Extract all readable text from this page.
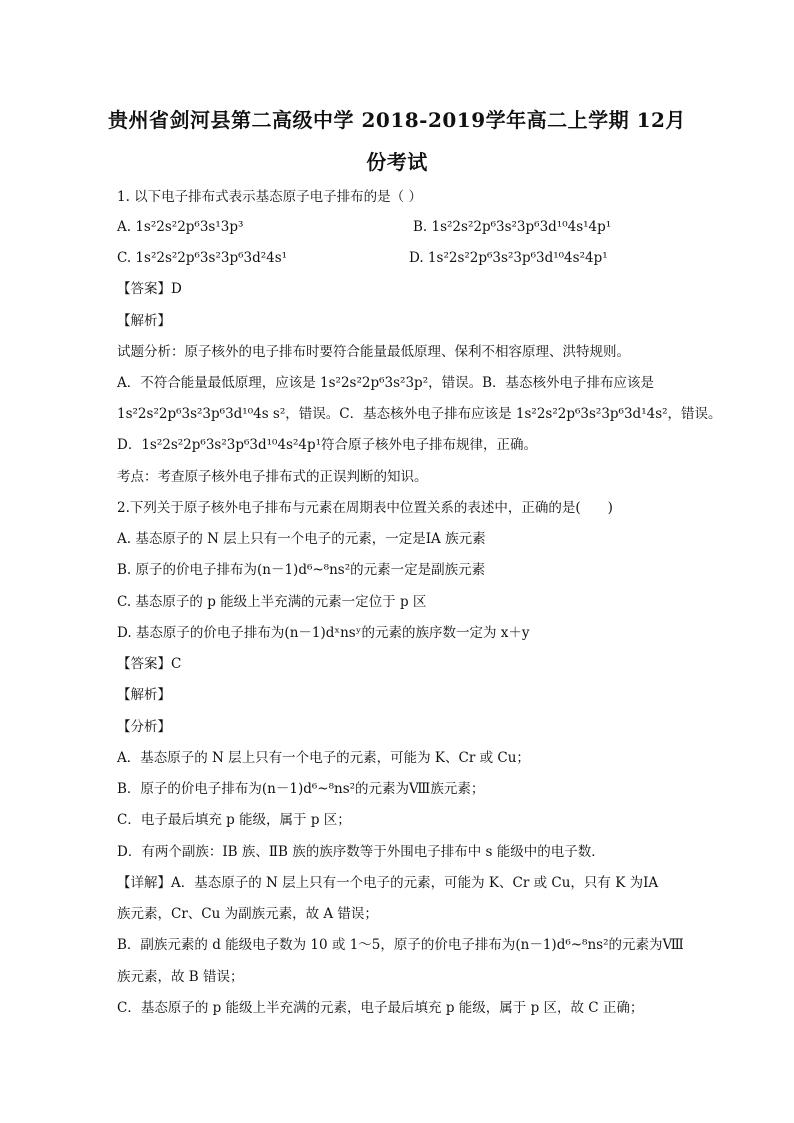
贵州省剑河县第二高级中学 2018-2019学年高二上学期 12月
份考试
1. 以下电子排布式表示基态原子电子排布的是（ ）
A. 1s²2s²2p⁶3s¹3p³	B. 1s²2s²2p⁶3s²3p⁶3d¹⁰4s¹4p¹
C. 1s²2s²2p⁶3s²3p⁶3d²4s¹	D. 1s²2s²2p⁶3s²3p⁶3d¹⁰4s²4p¹
【答案】D
【解析】
试题分析：原子核外的电子排布时要符合能量最低原理、保利不相容原理、洪特规则。
A．不符合能量最低原理，应该是 1s²2s²2p⁶3s²3p²，错误。B．基态核外电子排布应该是
1s²2s²2p⁶3s²3p⁶3d¹⁰4s s²，错误。C．基态核外电子排布应该是 1s²2s²2p⁶3s²3p⁶3d¹4s²，错误。
D．1s²2s²2p⁶3s²3p⁶3d¹⁰4s²4p¹符合原子核外电子排布规律，正确。
考点：考查原子核外电子排布式的正误判断的知识。
2.下列关于原子核外电子排布与元素在周期表中位置关系的表述中，正确的是(　　)
A. 基态原子的 N 层上只有一个电子的元素，一定是ⅠA 族元素
B. 原子的价电子排布为(n－1)d⁶~⁸ns²的元素一定是副族元素
C. 基态原子的 p 能级上半充满的元素一定位于 p 区
D. 基态原子的价电子排布为(n－1)dˣnsʸ的元素的族序数一定为 x＋y
【答案】C
【解析】
【分析】
A．基态原子的 N 层上只有一个电子的元素，可能为 K、Cr 或 Cu；
B．原子的价电子排布为(n－1)d⁶~⁸ns²的元素为Ⅷ族元素；
C．电子最后填充 p 能级，属于 p 区；
D．有两个副族：ⅠB 族、ⅡB 族的族序数等于外围电子排布中 s 能级中的电子数．
【详解】A．基态原子的 N 层上只有一个电子的元素，可能为 K、Cr 或 Cu，只有 K 为ⅠA
族元素，Cr、Cu 为副族元素，故 A 错误；
B．副族元素的 d 能级电子数为 10 或 1～5，原子的价电子排布为(n－1)d⁶~⁸ns²的元素为Ⅷ
族元素，故 B 错误；
C．基态原子的 p 能级上半充满的元素，电子最后填充 p 能级，属于 p 区，故 C 正确；
